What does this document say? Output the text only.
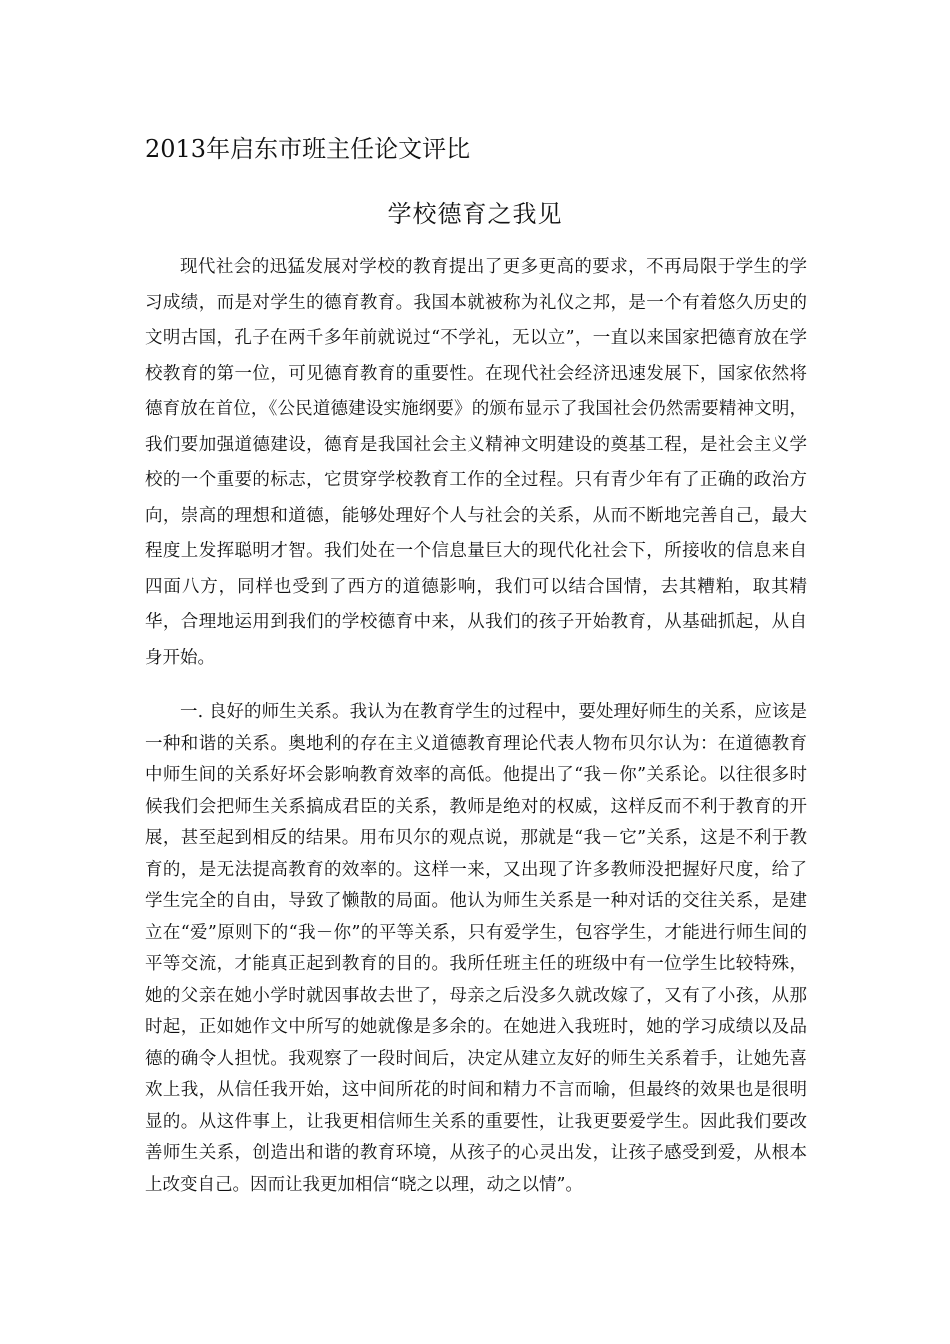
2013年启东市班主任论文评比
学校德育之我见

现代社会的迅猛发展对学校的教育提出了更多更高的要求，不再局限于学生的学习成绩，而是对学生的德育教育。我国本就被称为礼仪之邦，是一个有着悠久历史的文明古国，孔子在两千多年前就说过“不学礼，无以立”，一直以来国家把德育放在学校教育的第一位，可见德育教育的重要性。在现代社会经济迅速发展下，国家依然将德育放在首位，《公民道德建设实施纲要》的颁布显示了我国社会仍然需要精神文明，我们要加强道德建设，德育是我国社会主义精神文明建设的奠基工程，是社会主义学校的一个重要的标志，它贯穿学校教育工作的全过程。只有青少年有了正确的政治方向，崇高的理想和道德，能够处理好个人与社会的关系，从而不断地完善自己，最大程度上发挥聪明才智。我们处在一个信息量巨大的现代化社会下，所接收的信息来自四面八方，同样也受到了西方的道德影响，我们可以结合国情，去其糟粕，取其精华，合理地运用到我们的学校德育中来，从我们的孩子开始教育，从基础抓起，从自身开始。

一. 良好的师生关系。我认为在教育学生的过程中，要处理好师生的关系，应该是一种和谐的关系。奥地利的存在主义道德教育理论代表人物布贝尔认为：在道德教育中师生间的关系好坏会影响教育效率的高低。他提出了“我－你”关系论。以往很多时候我们会把师生关系搞成君臣的关系，教师是绝对的权威，这样反而不利于教育的开展，甚至起到相反的结果。用布贝尔的观点说，那就是“我－它”关系，这是不利于教育的，是无法提高教育的效率的。这样一来，又出现了许多教师没把握好尺度，给了学生完全的自由，导致了懒散的局面。他认为师生关系是一种对话的交往关系，是建立在“爱”原则下的“我－你”的平等关系，只有爱学生，包容学生，才能进行师生间的平等交流，才能真正起到教育的目的。我所任班主任的班级中有一位学生比较特殊，她的父亲在她小学时就因事故去世了，母亲之后没多久就改嫁了，又有了小孩，从那时起，正如她作文中所写的她就像是多余的。在她进入我班时，她的学习成绩以及品德的确令人担忧。我观察了一段时间后，决定从建立友好的师生关系着手，让她先喜欢上我，从信任我开始，这中间所花的时间和精力不言而喻，但最终的效果也是很明显的。从这件事上，让我更相信师生关系的重要性，让我更要爱学生。因此我们要改善师生关系，创造出和谐的教育环境，从孩子的心灵出发，让孩子感受到爱，从根本上改变自己。因而让我更加相信“晓之以理，动之以情”。
